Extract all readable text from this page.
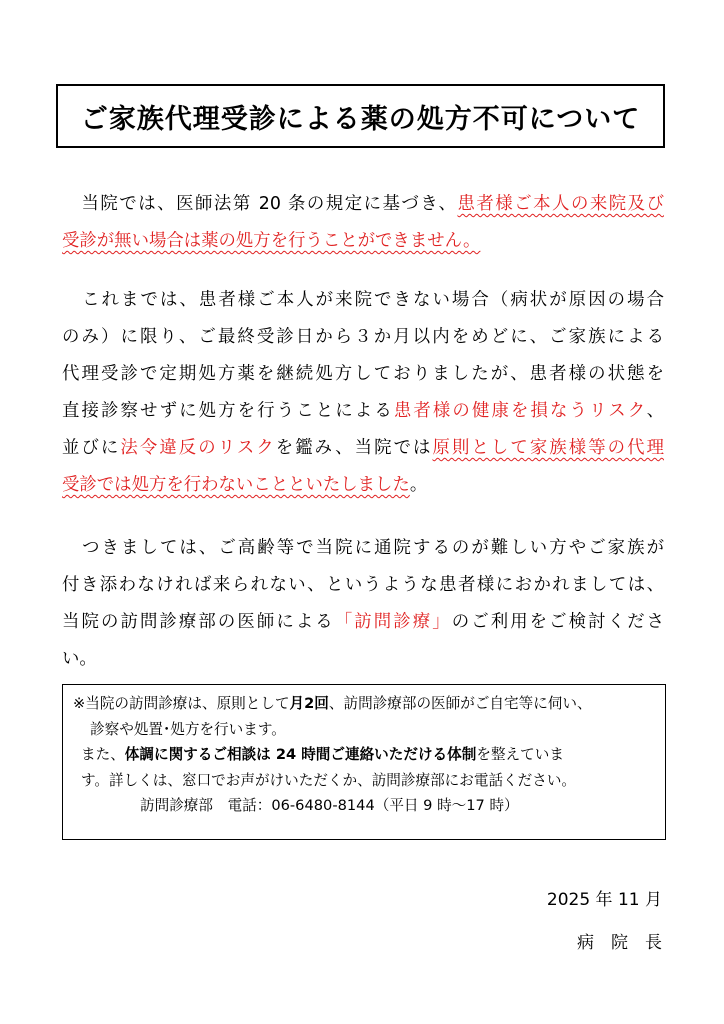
ご家族代理受診による薬の処方不可について
当院では、医師法第 20 条の規定に基づき、患者様ご本人の来院及び
受診が無い場合は薬の処方を行うことができません。
これまでは、患者様ご本人が来院できない場合（病状が原因の場合
のみ）に限り、ご最終受診日から３か月以内をめどに、ご家族による
代理受診で定期処方薬を継続処方しておりましたが、患者様の状態を
直接診察せずに処方を行うことによる患者様の健康を損なうリスク、
並びに法令違反のリスクを鑑み、当院では原則として家族様等の代理
受診では処方を行わないことといたしました。
つきましては、ご高齢等で当院に通院するのが難しい方やご家族が
付き添わなければ来られない、というような患者様におかれましては、
当院の訪問診療部の医師による「訪問診療」のご利用をご検討くださ
い。
※当院の訪問診療は、原則として月2回、訪問診療部の医師がご自宅等に伺い、
診察や処置･処方を行います。
また、体調に関するご相談は 24 時間ご連絡いただける体制を整えていま
す。詳しくは、窓口でお声がけいただくか、訪問診療部にお電話ください。
訪問診療部　電話：06-6480-8144（平日 9 時～17 時）
2025 年 11 月
病　院　長
